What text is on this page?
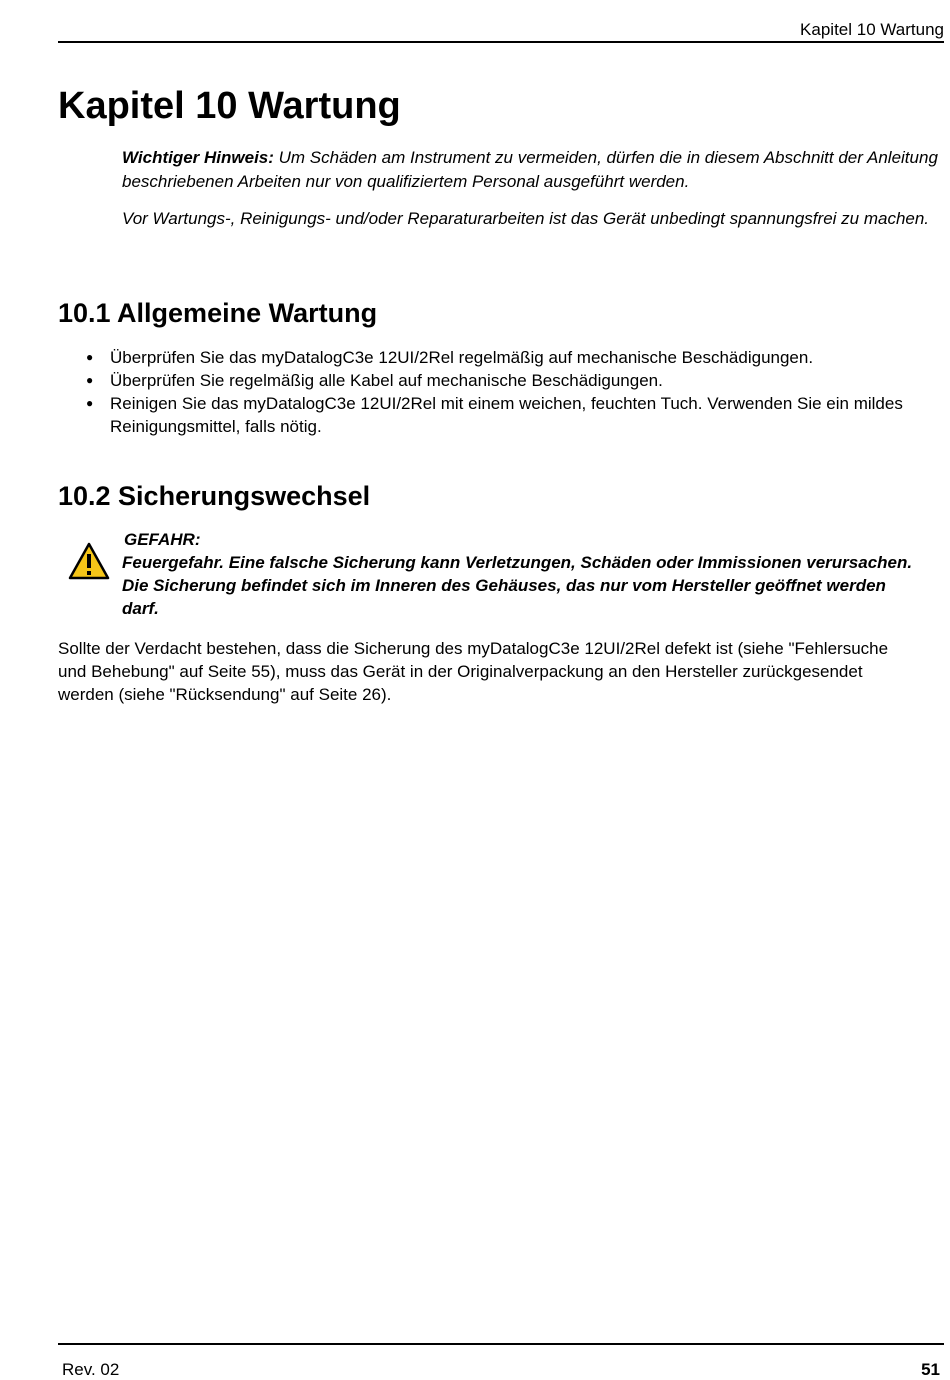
Kapitel 10 Wartung
Kapitel 10 Wartung

Wichtiger Hinweis: Um Schäden am Instrument zu vermeiden, dürfen die in diesem Abschnitt der Anleitung beschriebenen Arbeiten nur von qualifiziertem Personal ausgeführt werden.

Vor Wartungs-, Reinigungs- und/oder Reparaturarbeiten ist das Gerät unbedingt spannungsfrei zu machen.

10.1 Allgemeine Wartung
● Überprüfen Sie das myDatalogC3e 12UI/2Rel regelmäßig auf mechanische Beschädigungen.
● Überprüfen Sie regelmäßig alle Kabel auf mechanische Beschädigungen.
● Reinigen Sie das myDatalogC3e 12UI/2Rel mit einem weichen, feuchten Tuch. Verwenden Sie ein mildes Reinigungsmittel, falls nötig.
10.2 Sicherungswechsel
GEFAHR:
Feuergefahr. Eine falsche Sicherung kann Verletzungen, Schäden oder Immissionen verursachen. Die Sicherung befindet sich im Inneren des Gehäuses, das nur vom Hersteller geöffnet werden darf.

Sollte der Verdacht bestehen, dass die Sicherung des myDatalogC3e 12UI/2Rel defekt ist (siehe "Fehlersuche und Behebung" auf Seite 55), muss das Gerät in der Originalverpackung an den Hersteller zurückgesendet werden (siehe "Rücksendung" auf Seite 26).

Rev. 02	51
